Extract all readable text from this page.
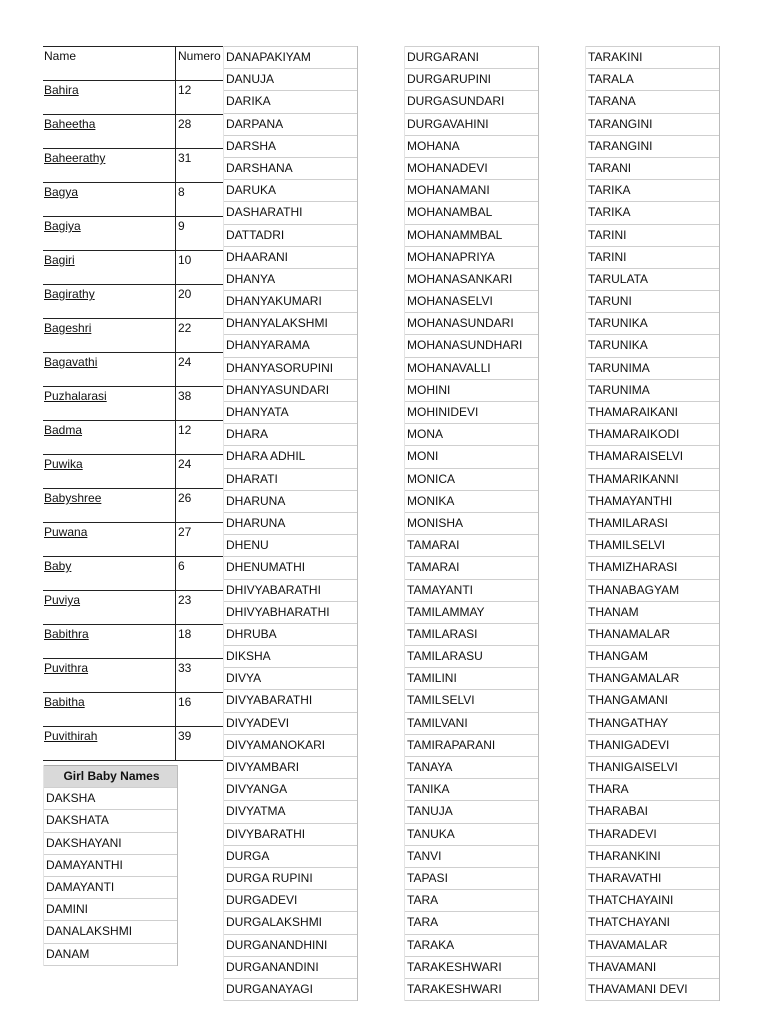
Name	Numero
Bahira	12
Baheetha	28
Baheerathy	31
Bagya	8
Bagiya	9
Bagiri	10
Bagirathy	20
Bageshri	22
Bagavathi	24
Puzhalarasi	38
Badma	12
Puwika	24
Babyshree	26
Puwana	27
Baby	6
Puviya	23
Babithra	18
Puvithra	33
Babitha	16
Puvithirah	39
Girl Baby Names
DAKSHA
DAKSHATA
DAKSHAYANI
DAMAYANTHI
DAMAYANTI
DAMINI
DANALAKSHMI
DANAM
DANAPAKIYAM
DANUJA
DARIKA
DARPANA
DARSHA
DARSHANA
DARUKA
DASHARATHI
DATTADRI
DHAARANI
DHANYA
DHANYAKUMARI
DHANYALAKSHMI
DHANYARAMA
DHANYASORUPINI
DHANYASUNDARI
DHANYATA
DHARA
DHARA ADHIL
DHARATI
DHARUNA
DHARUNA
DHENU
DHENUMATHI
DHIVYABARATHI
DHIVYABHARATHI
DHRUBA
DIKSHA
DIVYA
DIVYABARATHI
DIVYADEVI
DIVYAMANOKARI
DIVYAMBARI
DIVYANGA
DIVYATMA
DIVYBARATHI
DURGA
DURGA RUPINI
DURGADEVI
DURGALAKSHMI
DURGANANDHINI
DURGANANDINI
DURGANAYAGI
DURGARANI
DURGARUPINI
DURGASUNDARI
DURGAVAHINI
MOHANA
MOHANADEVI
MOHANAMANI
MOHANAMBAL
MOHANAMMBAL
MOHANAPRIYA
MOHANASANKARI
MOHANASELVI
MOHANASUNDARI
MOHANASUNDHARI
MOHANAVALLI
MOHINI
MOHINIDEVI
MONA
MONI
MONICA
MONIKA
MONISHA
TAMARAI
TAMARAI
TAMAYANTI
TAMILAMMAY
TAMILARASI
TAMILARASU
TAMILINI
TAMILSELVI
TAMILVANI
TAMIRAPARANI
TANAYA
TANIKA
TANUJA
TANUKA
TANVI
TAPASI
TARA
TARA
TARAKA
TARAKESHWARI
TARAKESHWARI
TARAKINI
TARALA
TARANA
TARANGINI
TARANGINI
TARANI
TARIKA
TARIKA
TARINI
TARINI
TARULATA
TARUNI
TARUNIKA
TARUNIKA
TARUNIMA
TARUNIMA
THAMARAIKANI
THAMARAIKODI
THAMARAISELVI
THAMARIKANNI
THAMAYANTHI
THAMILARASI
THAMILSELVI
THAMIZHARASI
THANABAGYAM
THANAM
THANAMALAR
THANGAM
THANGAMALAR
THANGAMANI
THANGATHAY
THANIGADEVI
THANIGAISELVI
THARA
THARABAI
THARADEVI
THARANKINI
THARAVATHI
THATCHAYAINI
THATCHAYANI
THAVAMALAR
THAVAMANI
THAVAMANI DEVI
